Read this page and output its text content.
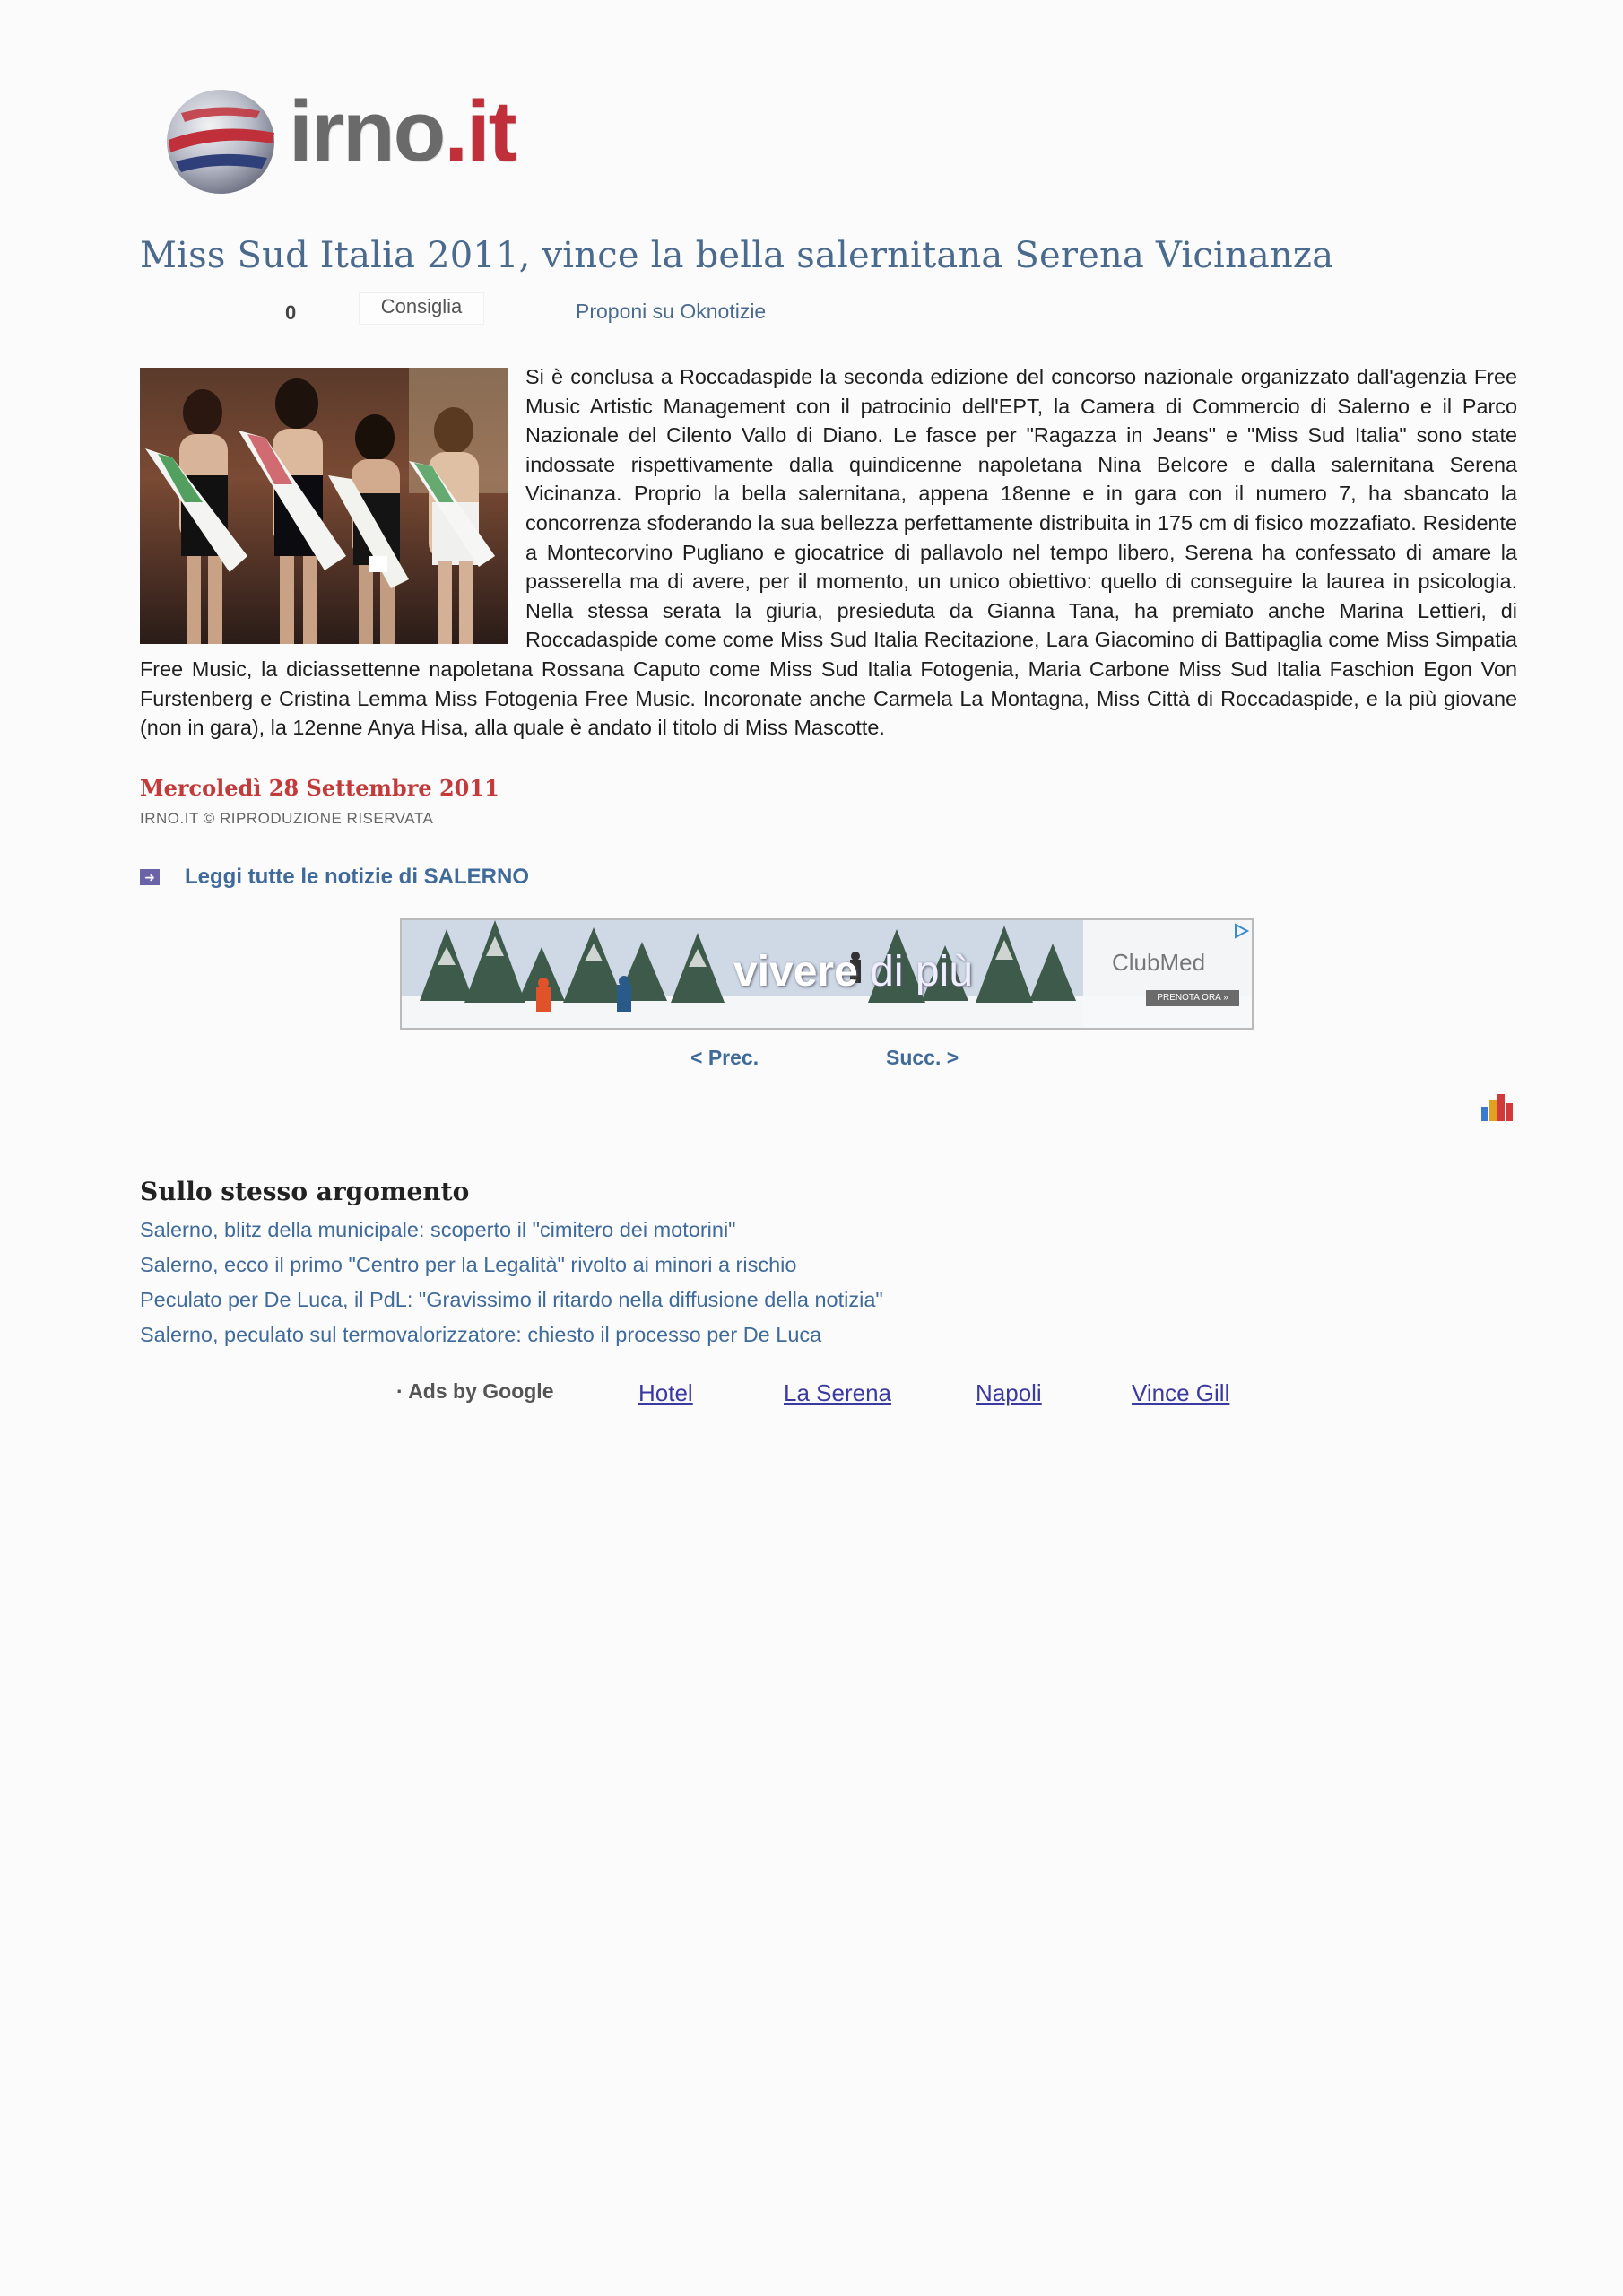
irno.it
Miss Sud Italia 2011, vince la bella salernitana Serena Vicinanza
0	Consiglia	Proponi su Oknotizie
Si è conclusa a Roccadaspide la seconda edizione del concorso nazionale organizzato dall'agenzia Free Music Artistic Management con il patrocinio dell'EPT, la Camera di Commercio di Salerno e il Parco Nazionale del Cilento Vallo di Diano. Le fasce per "Ragazza in Jeans" e "Miss Sud Italia" sono state indossate rispettivamente dalla quindicenne napoletana Nina Belcore e dalla salernitana Serena Vicinanza. Proprio la bella salernitana, appena 18enne e in gara con il numero 7, ha sbancato la concorrenza sfoderando la sua bellezza perfettamente distribuita in 175 cm di fisico mozzafiato. Residente a Montecorvino Pugliano e giocatrice di pallavolo nel tempo libero, Serena ha confessato di amare la passerella ma di avere, per il momento, un unico obiettivo: quello di conseguire la laurea in psicologia. Nella stessa serata la giuria, presieduta da Gianna Tana, ha premiato anche Marina Lettieri, di Roccadaspide come come Miss Sud Italia Recitazione, Lara Giacomino di Battipaglia come Miss Simpatia Free Music, la diciassettenne napoletana Rossana Caputo come Miss Sud Italia Fotogenia, Maria Carbone Miss Sud Italia Faschion Egon Von Furstenberg e Cristina Lemma Miss Fotogenia Free Music. Incoronate anche Carmela La Montagna, Miss Città di Roccadaspide, e la più giovane (non in gara), la 12enne Anya Hisa, alla quale è andato il titolo di Miss Mascotte.
Mercoledì 28 Settembre 2011
IRNO.IT © RIPRODUZIONE RISERVATA
➜ Leggi tutte le notizie di SALERNO
vivere di più	ClubMed
PRENOTA ORA »
< Prec.	Succ. >
Sullo stesso argomento
Salerno, blitz della municipale: scoperto il "cimitero dei motorini"
Salerno, ecco il primo "Centro per la Legalità" rivolto ai minori a rischio
Peculato per De Luca, il PdL: "Gravissimo il ritardo nella diffusione della notizia"
Salerno, peculato sul termovalorizzatore: chiesto il processo per De Luca
· Ads by Google	Hotel	La Serena	Napoli	Vince Gill
